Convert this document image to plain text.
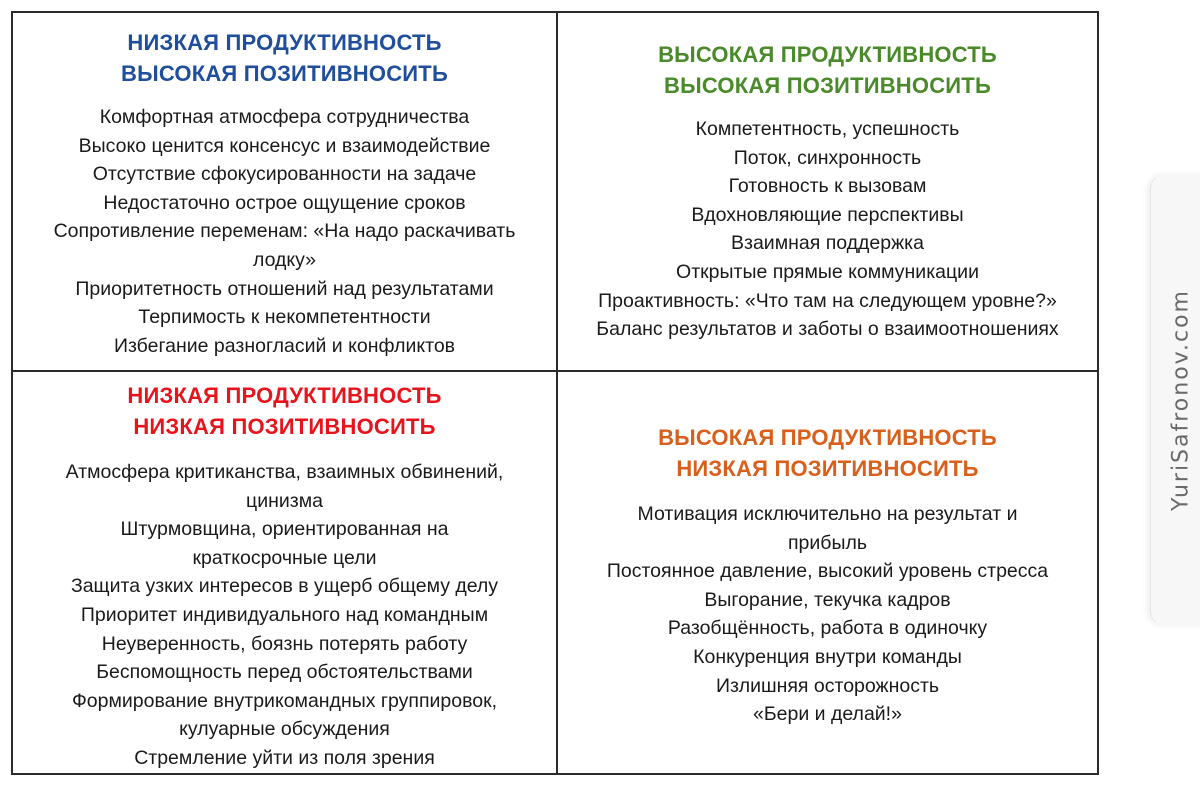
НИЗКАЯ ПРОДУКТИВНОСТЬ
ВЫСОКАЯ ПОЗИТИВНОСИТЬ
Комфортная атмосфера сотрудничества
Высоко ценится консенсус и взаимодействие
Отсутствие сфокусированности на задаче
Недостаточно острое ощущение сроков
Сопротивление переменам: «На надо раскачивать
лодку»
Приоритетность отношений над результатами
Терпимость к некомпетентности
Избегание разногласий и конфликтов
ВЫСОКАЯ ПРОДУКТИВНОСТЬ
ВЫСОКАЯ ПОЗИТИВНОСИТЬ
Компетентность, успешность
Поток, синхронность
Готовность к вызовам
Вдохновляющие перспективы
Взаимная поддержка
Открытые прямые коммуникации
Проактивность: «Что там на следующем уровне?»
Баланс результатов и заботы о взаимоотношениях
НИЗКАЯ ПРОДУКТИВНОСТЬ
НИЗКАЯ ПОЗИТИВНОСИТЬ
Атмосфера критиканства, взаимных обвинений,
цинизма
Штурмовщина, ориентированная на
краткосрочные цели
Защита узких интересов в ущерб общему делу
Приоритет индивидуального над командным
Неуверенность, боязнь потерять работу
Беспомощность перед обстоятельствами
Формирование внутрикомандных группировок,
кулуарные обсуждения
Стремление уйти из поля зрения
ВЫСОКАЯ ПРОДУКТИВНОСТЬ
НИЗКАЯ ПОЗИТИВНОСИТЬ
Мотивация исключительно на результат и
прибыль
Постоянное давление, высокий уровень стресса
Выгорание, текучка кадров
Разобщённость, работа в одиночку
Конкуренция внутри команды
Излишняя осторожность
«Бери и делай!»
YuriSafronov.com
